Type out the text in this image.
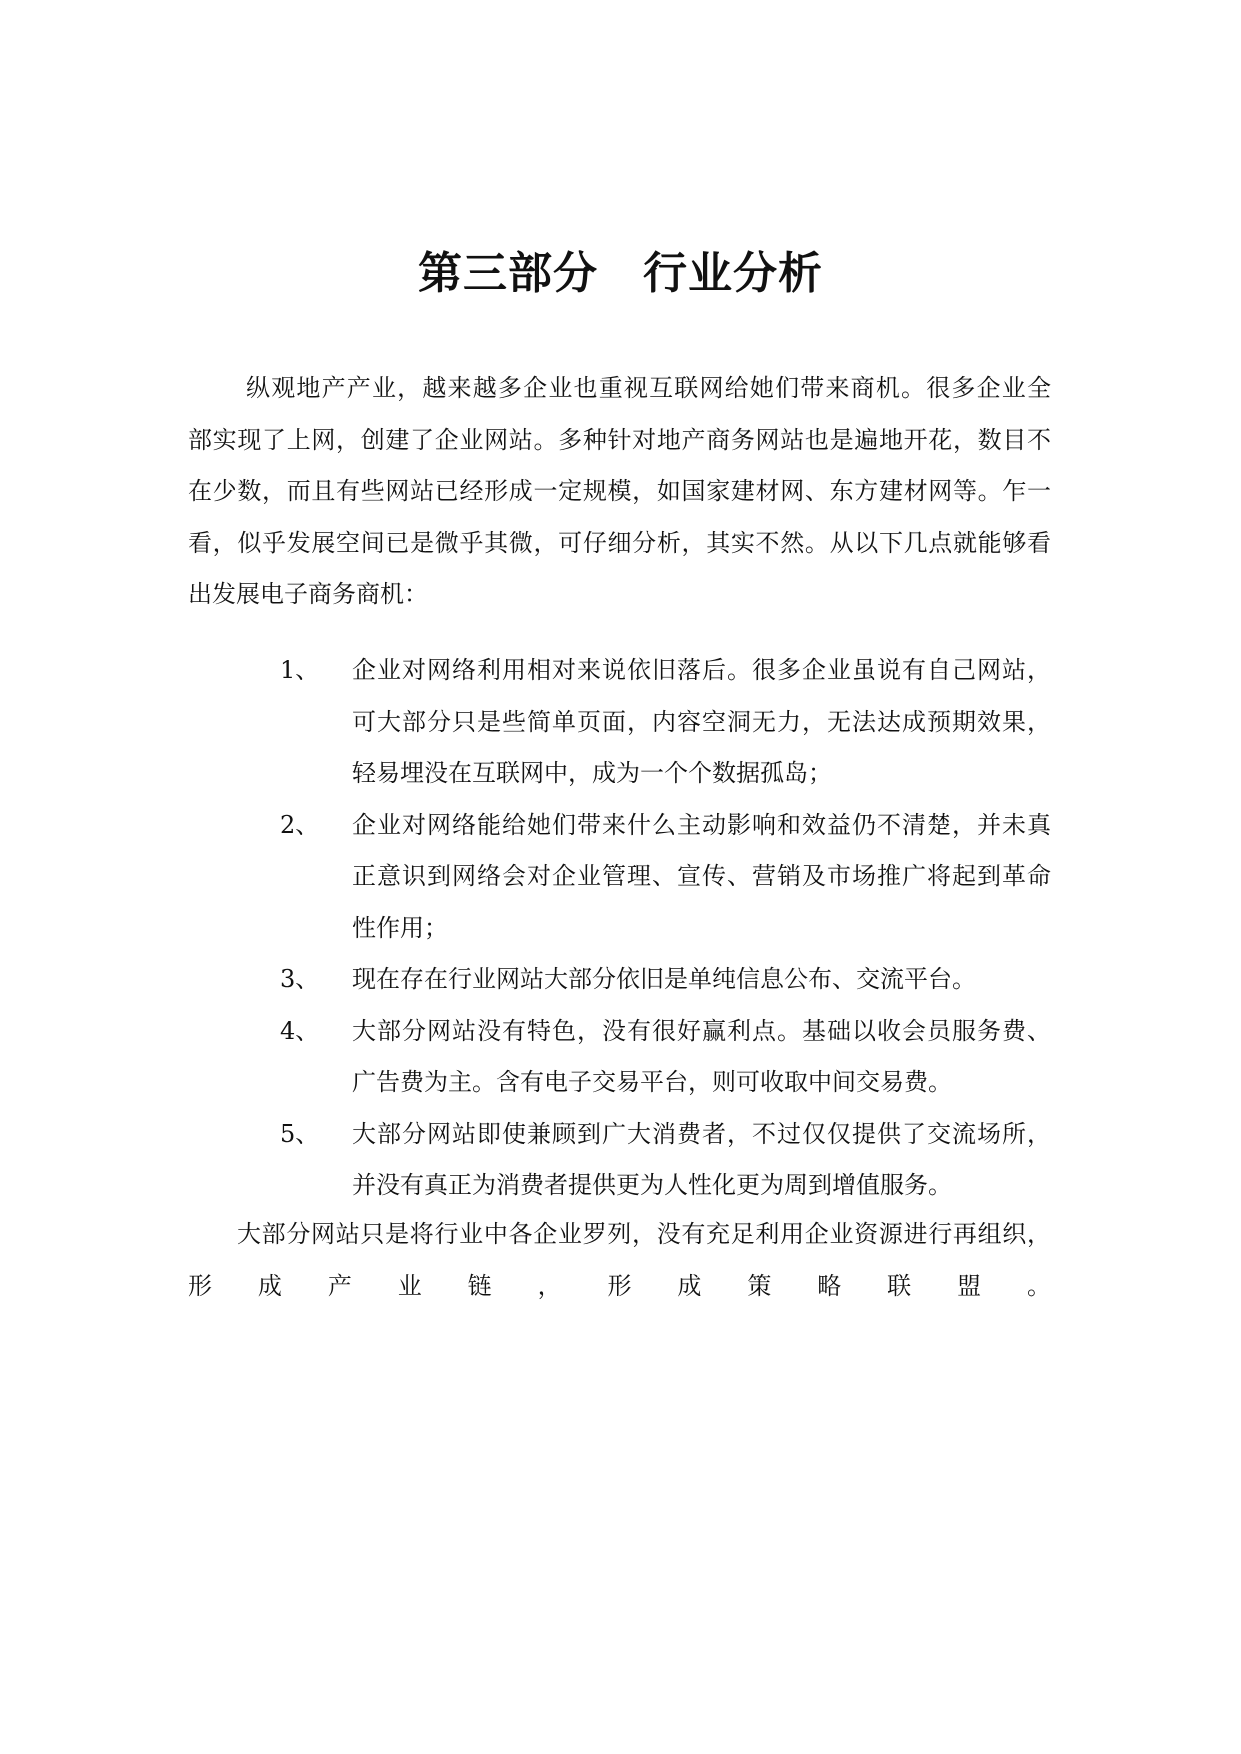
第三部分　行业分析
纵观地产产业，越来越多企业也重视互联网给她们带来商机。很多企业全
部实现了上网，创建了企业网站。多种针对地产商务网站也是遍地开花，数目不
在少数，而且有些网站已经形成一定规模，如国家建材网、东方建材网等。乍一
看，似乎发展空间已是微乎其微，可仔细分析，其实不然。从以下几点就能够看
出发展电子商务商机：
1、 企业对网络利用相对来说依旧落后。很多企业虽说有自己网站，
可大部分只是些简单页面，内容空洞无力，无法达成预期效果，
轻易埋没在互联网中，成为一个个数据孤岛；
2、 企业对网络能给她们带来什么主动影响和效益仍不清楚，并未真
正意识到网络会对企业管理、宣传、营销及市场推广将起到革命
性作用；
3、 现在存在行业网站大部分依旧是单纯信息公布、交流平台。
4、 大部分网站没有特色，没有很好赢利点。基础以收会员服务费、
广告费为主。含有电子交易平台，则可收取中间交易费。
5、 大部分网站即使兼顾到广大消费者，不过仅仅提供了交流场所，
并没有真正为消费者提供更为人性化更为周到增值服务。
大部分网站只是将行业中各企业罗列，没有充足利用企业资源进行再组织，
形成产业链，形成策略联盟。
